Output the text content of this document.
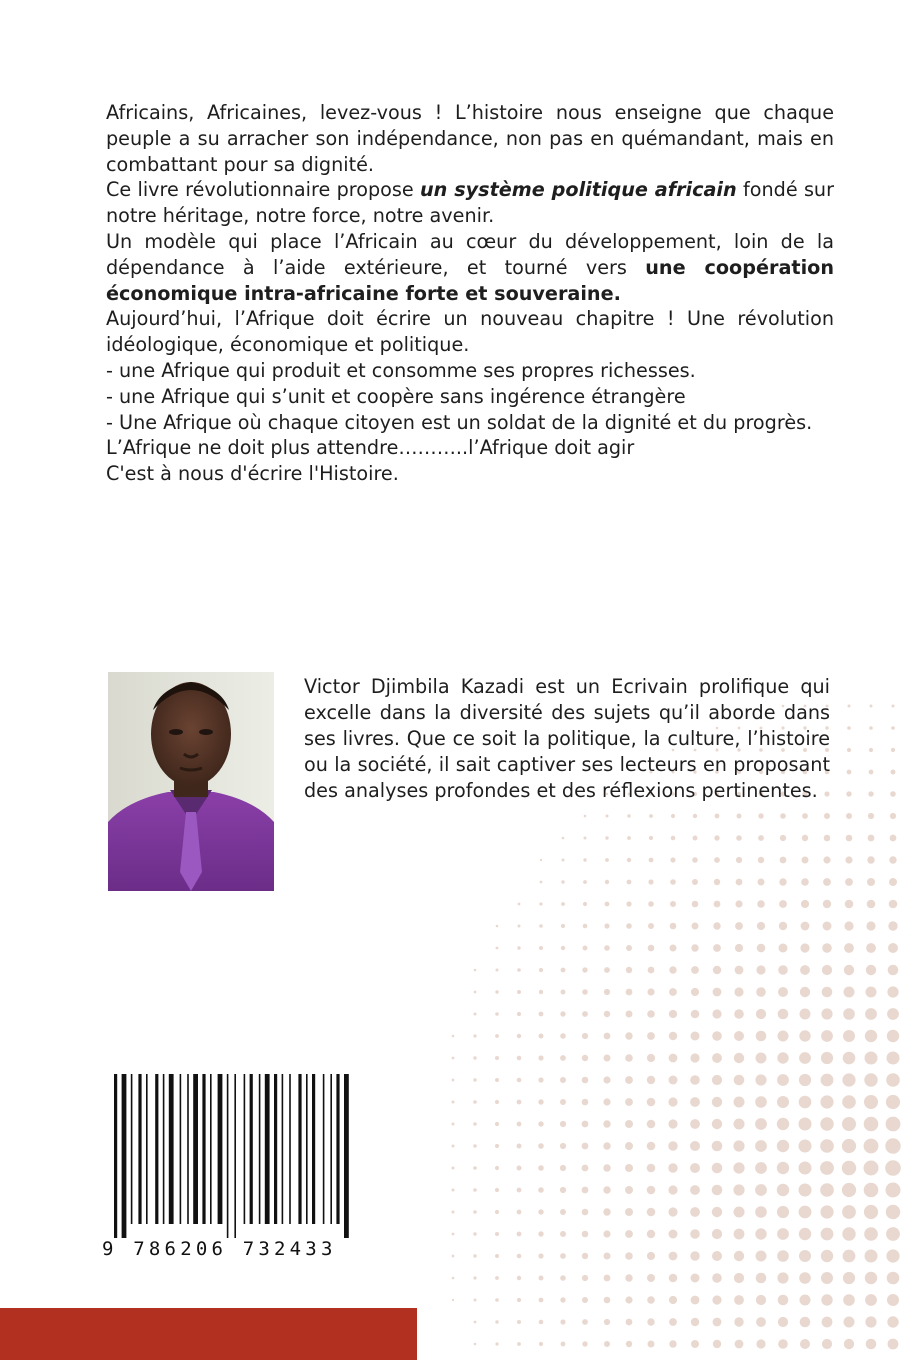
Africains, Africaines, levez-vous ! L’histoire nous enseigne que chaque peuple a su arracher son indépendance, non pas en quémandant, mais en combattant pour sa dignité.

Ce livre révolutionnaire propose un système politique africain fondé sur notre héritage, notre force, notre avenir.

Un modèle qui place l’Africain au cœur du développement, loin de la dépendance à l’aide extérieure, et tourné vers une coopération économique intra-africaine forte et souveraine.

Aujourd’hui, l’Afrique doit écrire un nouveau chapitre ! Une révolution idéologique, économique et politique.

- une Afrique qui produit et consomme ses propres richesses.

- une Afrique qui s’unit et coopère sans ingérence étrangère

- Une Afrique où chaque citoyen est un soldat de la dignité et du progrès.

L’Afrique ne doit plus attendre………..l’Afrique doit agir

C'est à nous d'écrire l'Histoire.

Victor Djimbila Kazadi est un Ecrivain prolifique qui excelle dans la diversité des sujets qu’il aborde dans ses livres. Que ce soit la politique, la culture, l’histoire ou la société, il sait captiver ses lecteurs en proposant des analyses profondes et des réflexions pertinentes.

9 786206 732433
